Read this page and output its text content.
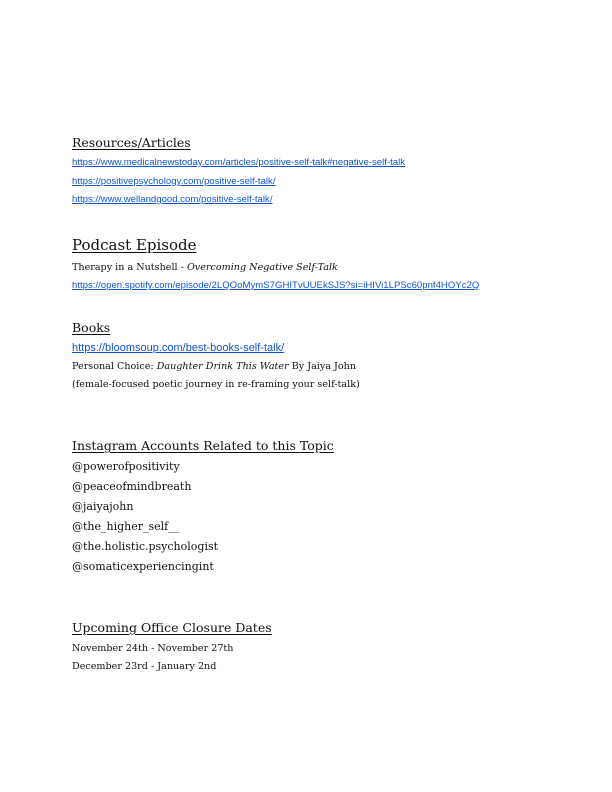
Resources/Articles
https://www.medicalnewstoday.com/articles/positive-self-talk#negative-self-talk
https://positivepsychology.com/positive-self-talk/
https://www.wellandgood.com/positive-self-talk/
Podcast Episode
Therapy in a Nutshell - Overcoming Negative Self-Talk
https://open.spotify.com/episode/2LQOoMymS7GHITvUUEkSJS?si=iHIVi1LPSc60pnf4HOYc2Q
Books
https://bloomsoup.com/best-books-self-talk/
Personal Choice: Daughter Drink This Water By Jaiya John
(female-focused poetic journey in re-framing your self-talk)
Instagram Accounts Related to this Topic
@powerofpositivity
@peaceofmindbreath
@jaiyajohn
@the_higher_self__
@the.holistic.psychologist
@somaticexperiencingint
Upcoming Office Closure Dates
November 24th - November 27th
December 23rd - January 2nd
